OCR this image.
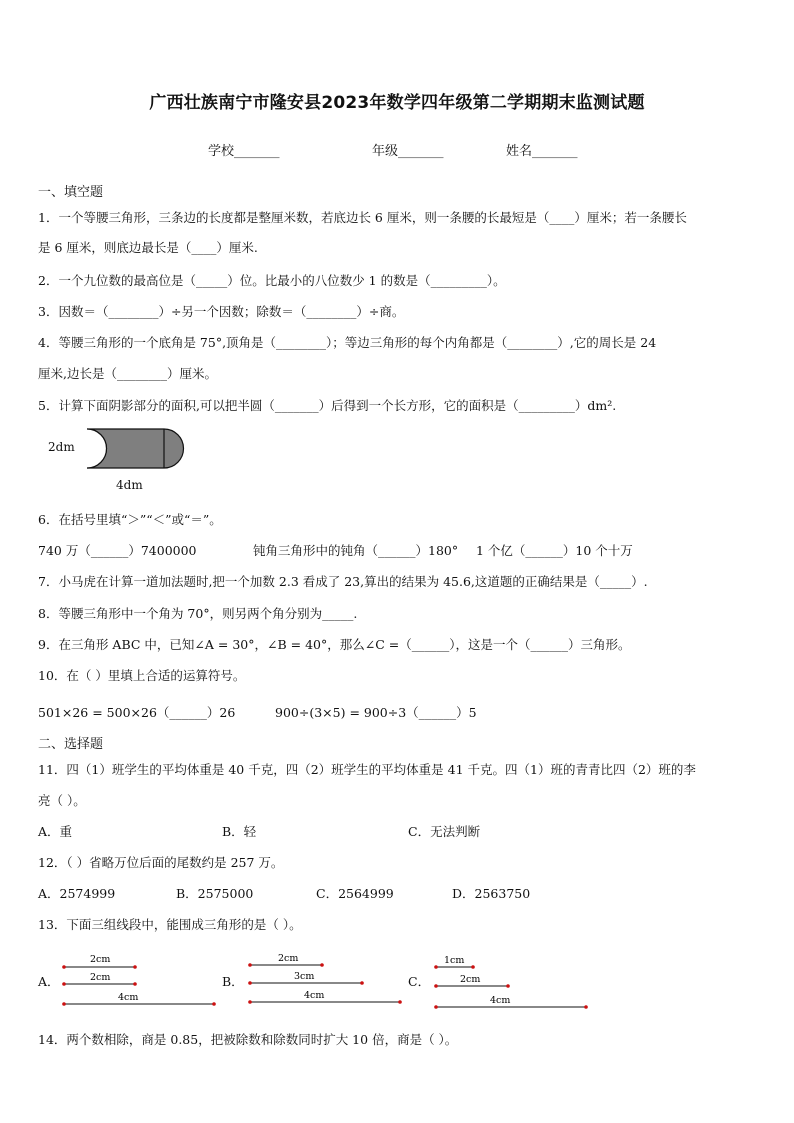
广西壮族南宁市隆安县2023年数学四年级第二学期期末监测试题
学校_______	年级_______	姓名_______
一、填空题
1．一个等腰三角形，三条边的长度都是整厘米数，若底边长 6 厘米，则一条腰的长最短是（____）厘米；若一条腰长
是 6 厘米，则底边最长是（____）厘米.
2．一个九位数的最高位是（_____）位。比最小的八位数少 1 的数是（_________）。
3．因数＝（________）÷另一个因数；除数＝（________）÷商。
4．等腰三角形的一个底角是 75°,顶角是（________）；等边三角形的每个内角都是（________）,它的周长是 24
厘米,边长是（________）厘米。
5．计算下面阴影部分的面积,可以把半圆（_______）后得到一个长方形，它的面积是（_________）dm².
2dm
4dm
6．在括号里填“＞”“＜”或“＝”。
740 万（______）7400000	钝角三角形中的钝角（______）180° 1 个亿（______）10 个十万
7．小马虎在计算一道加法题时,把一个加数 2.3 看成了 23,算出的结果为 45.6,这道题的正确结果是（_____）.
8．等腰三角形中一个角为 70°，则另两个角分别为_____.
9．在三角形 ABC 中，已知∠A = 30°，∠B = 40°，那么∠C =（______），这是一个（______）三角形。
10．在（ ）里填上合适的运算符号。
501×26 = 500×26（______）26	900÷(3×5) = 900÷3（______）5
二、选择题
11．四（1）班学生的平均体重是 40 千克，四（2）班学生的平均体重是 41 千克。四（1）班的青青比四（2）班的李
亮（ ）。
A．重	B．轻	C．无法判断
12．（ ）省略万位后面的尾数约是 257 万。
A．2574999	B．2575000	C．2564999	D．2563750
13．下面三组线段中，能围成三角形的是（ ）。
A．
2cm
2cm
4cm
B．
2cm
3cm
4cm
C．
1cm
2cm
4cm
14．两个数相除，商是 0.85，把被除数和除数同时扩大 10 倍，商是（ ）。
